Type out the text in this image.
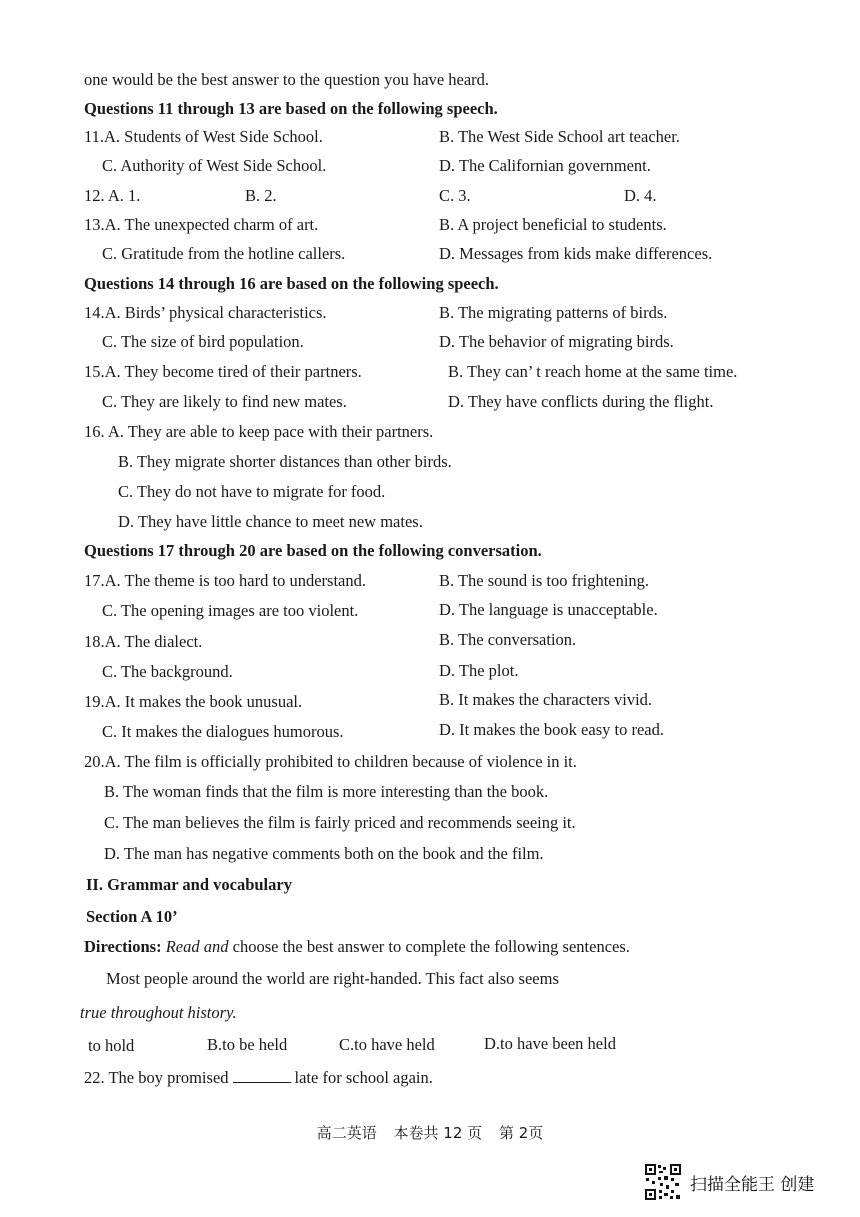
one would be the best answer to the question you have heard.
Questions 11 through 13 are based on the following speech.
11.A. Students of West Side School.	B. The West Side School art teacher.
C. Authority of West Side School.	D. The Californian government.
12. A. 1.	B. 2.	C. 3.	D. 4.
13.A. The unexpected charm of art.	B. A project beneficial to students.
C. Gratitude from the hotline callers.	D. Messages from kids make differences.
Questions 14 through 16 are based on the following speech.
14.A. Birds’ physical characteristics.	B. The migrating patterns of birds.
C. The size of bird population.	D. The behavior of migrating birds.
15.A. They become tired of their partners.	B. They can’ t reach home at the same time.
C. They are likely to find new mates.	D. They have conflicts during the flight.
16. A. They are able to keep pace with their partners.
B. They migrate shorter distances than other birds.
C. They do not have to migrate for food.
D. They have little chance to meet new mates.
Questions 17 through 20 are based on the following conversation.
17.A. The theme is too hard to understand.	B. The sound is too frightening.
C. The opening images are too violent.	D. The language is unacceptable.
18.A. The dialect.	B. The conversation.
C. The background.	D. The plot.
19.A. It makes the book unusual.	B. It makes the characters vivid.
C. It makes the dialogues humorous.	D. It makes the book easy to read.
20.A. The film is officially prohibited to children because of violence in it.
B. The woman finds that the film is more interesting than the book.
C. The man believes the film is fairly priced and recommends seeing it.
D. The man has negative comments both on the book and the film.
II. Grammar and vocabulary
Section A 10’
Directions: Read and choose the best answer to complete the following sentences.
Most people around the world are right-handed. This fact also seems
true throughout history.
to hold	B.to be held	C.to have held	D.to have been held
22. The boy promised	late for school again.
高二英语 本卷共 12 页 第 2页
扫描全能王 创建
